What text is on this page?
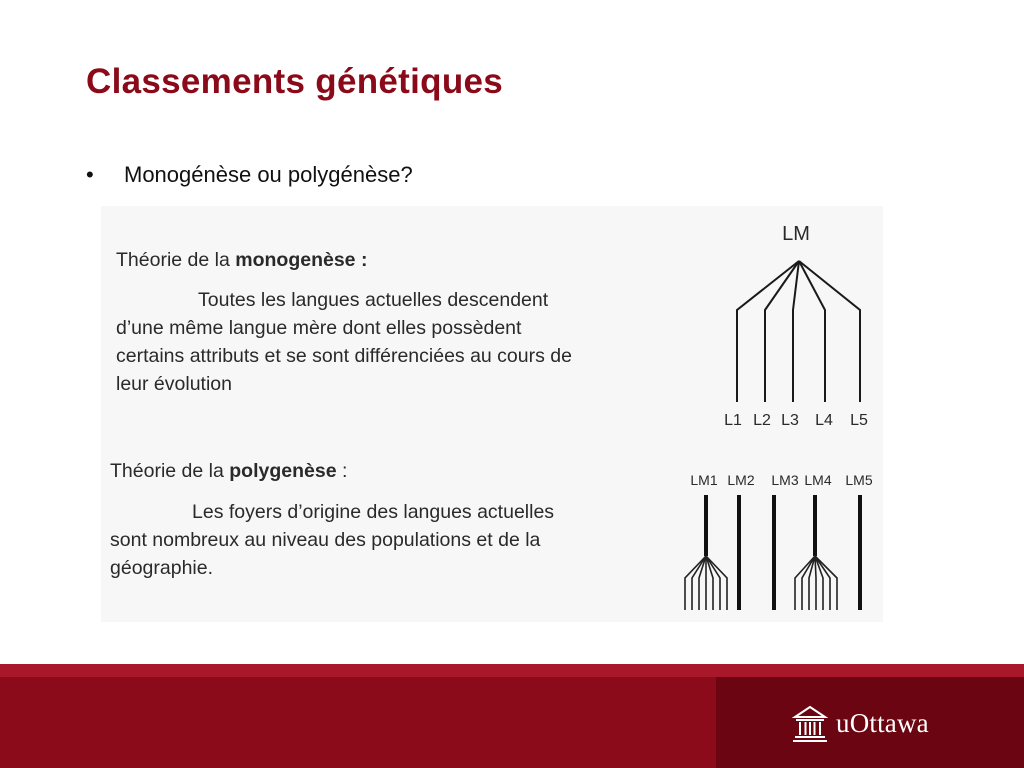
Classements génétiques
• Monogénèse ou polygénèse?
Théorie de la monogenèse :
Toutes les langues actuelles descendent
d’une même langue mère dont elles possèdent
certains attributs et se sont différenciées au cours de
leur évolution
Théorie de la polygenèse :
Les foyers d’origine des langues actuelles
sont nombreux au niveau des populations et de la
géographie.
LM
L1 L2 L3 L4 L5
LM1 LM2 LM3 LM4 LM5
uOttawa
